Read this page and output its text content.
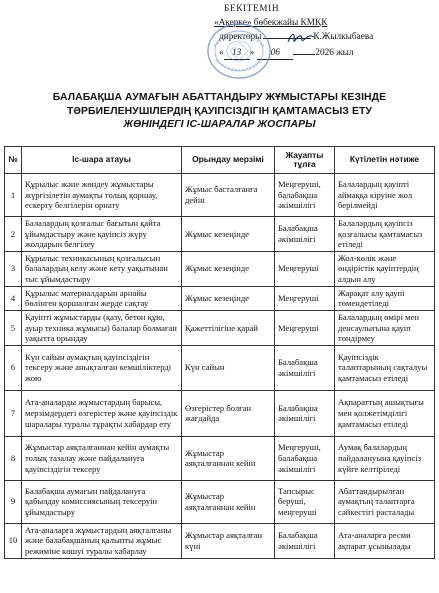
БЕКІТЕМІН
«Акерке» бөбекжайы КМҚК
директоры	К.Жылкыбаева
« 13 » 06	2026 жыл
БАЛАБАҚША АУМАҒЫН АБАТТАНДЫРУ ЖҰМЫСТАРЫ КЕЗІНДЕ
ТӘРБИЕЛЕНУШІЛЕРДІҢ ҚАУІПСІЗДІГІН ҚАМТАМАСЫЗ ЕТУ
ЖӨНІНДЕГІ ІС-ШАРАЛАР ЖОСПАРЫ
№	Іс-шара атауы	Орындау мерзімі	Жауапты тұлға	Күтілетін нәтиже
1	Құрылыс және жөндеу жұмыстары жүргізілетін аумақты толық қоршау, ескерту белгілерін орнату	Жұмыс басталғанға дейін	Меңгеруші, балабақша әкімшілігі	Балалардың қауіпті аймаққа кіруіне жол берілмейді
2	Балалардың қозғалыс бағытын қайта ұйымдастыру және қауіпсіз жүру жолдарын белгілеу	Жұмыс кезеңінде	Балабақша әкімшілігі	Балалардың қауіпсіз қозғалысы қамтамасыз етіледі
3	Құрылыс техникасының қозғалысын балалардың келу және кету уақытынан тыс ұйымдастыру	Жұмыс кезеңінде	Меңгеруші	Жол-көлік және өндірістік қауіптердің алдын алу
4	Құрылыс материалдарын арнайы бөлінген қоршалған жерде сақтау	Жұмыс кезеңінде	Меңгеруші	Жарақат алу қаупі төмендетіледі
5	Қауіпті жұмыстарды (қазу, бетон құю, ауыр техника жұмысы) балалар болмаған уақытта орындау	Қажеттілігіне қарай	Меңгеруші	Балалардың өмірі мен денсаулығына қауіп төндірмеу
6	Күн сайын аумақтың қауіпсіздігін тексеру және анықталған кемшіліктерді жою	Күн сайын	Балабақша әкімшілігі	Қауіпсіздік талаптарының сақталуы қамтамасыз етіледі
7	Ата-аналарды жұмыстардың барысы, мерзімдердегі өзгерістер және қауіпсіздік шаралары туралы тұрақты хабардар ету	Өзгерістер болған жағдайда	Балабақша әкімшілігі	Ақпараттың ашықтығы мен қолжетімділігі қамтамасыз етіледі
8	Жұмыстар аяқталғаннан кейін аумақты толық тазалау және пайдалануға қауіпсіздігін тексеру	Жұмыстар аяқталғаннан кейін	Меңгеруші, балабақша әкімшілігі	Аумақ балалардың пайдалануына қауіпсіз күйге келтіріледі
9	Балабақша аумағын пайдалануға қабылдау комиссиясының тексеруін ұйымдастыру	Жұмыстар аяқталғаннан кейін	Тапсырыс беруші, меңгеруші	Абаттандырылған аумақтың талаптарға сәйкестігі расталады
10	Ата-аналарға жұмыстардың аяқталғаны және балабақшаның қалыпты жұмыс режиміне көшуі туралы хабарлау	Жұмыстар аяқталған күні	Балабақша әкімшілігі	Ата-аналарға ресми ақпарат ұсынылады
